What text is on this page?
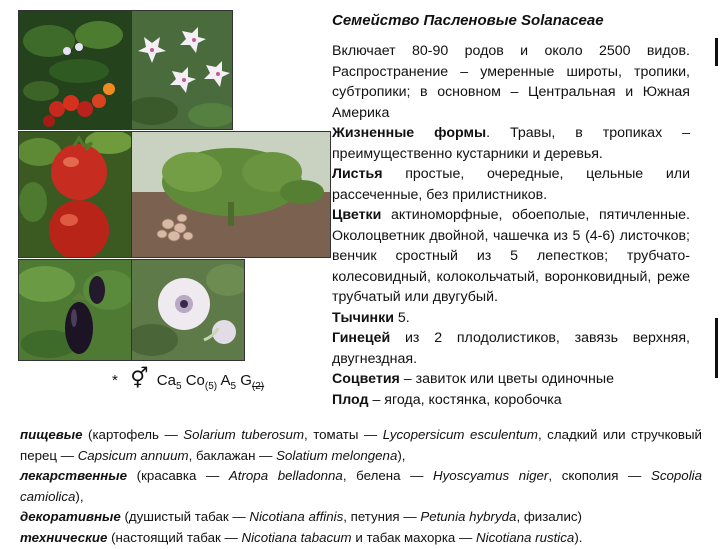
Семейство Пасленовые Solanaceae

Включает 80-90 родов и около 2500 видов. Распространение – умеренные широты, тропики, субтропики; в основном – Центральная и Южная Америка

Жизненные формы. Травы, в тропиках – преимущественно кустарники и деревья.

Листья простые, очередные, цельные или рассеченные, без прилистников.

Цветки актиноморфные, обоеполые, пятичленные. Околоцветник двойной, чашечка из 5 (4-6) листочков; венчик сростный из 5 лепестков; трубчато-колесовидный, колокольчатый, воронковидный, реже трубчатый или двугубый.

Тычинки 5.

Гинецей из 2 плодолистиков, завязь верхняя, двугнездная.

Соцветия – завиток или цветы одиночные

Плод – ягода, костянка, коробочка

* ⚥ $Ca_5$ $Co_{(5)}$ $A_5$ $G_{(2)}$

пищевые (картофель — Solarium tuberosum, томаты — Lycopersicum esculentum, сладкий или стручковый перец — Capsicum annuum, баклажан — Solatium melongena),

лекарственные (красавка — Atropa belladonna, белена — Hyoscyamus niger, скополия — Scopolia camiolica),

декоративные (душистый табак — Nicotiana affinis, петуния — Petunia hybryda, физалис)

технические (настоящий табак — Nicotiana tabacum и табак махорка — Nicotiana rustica).
